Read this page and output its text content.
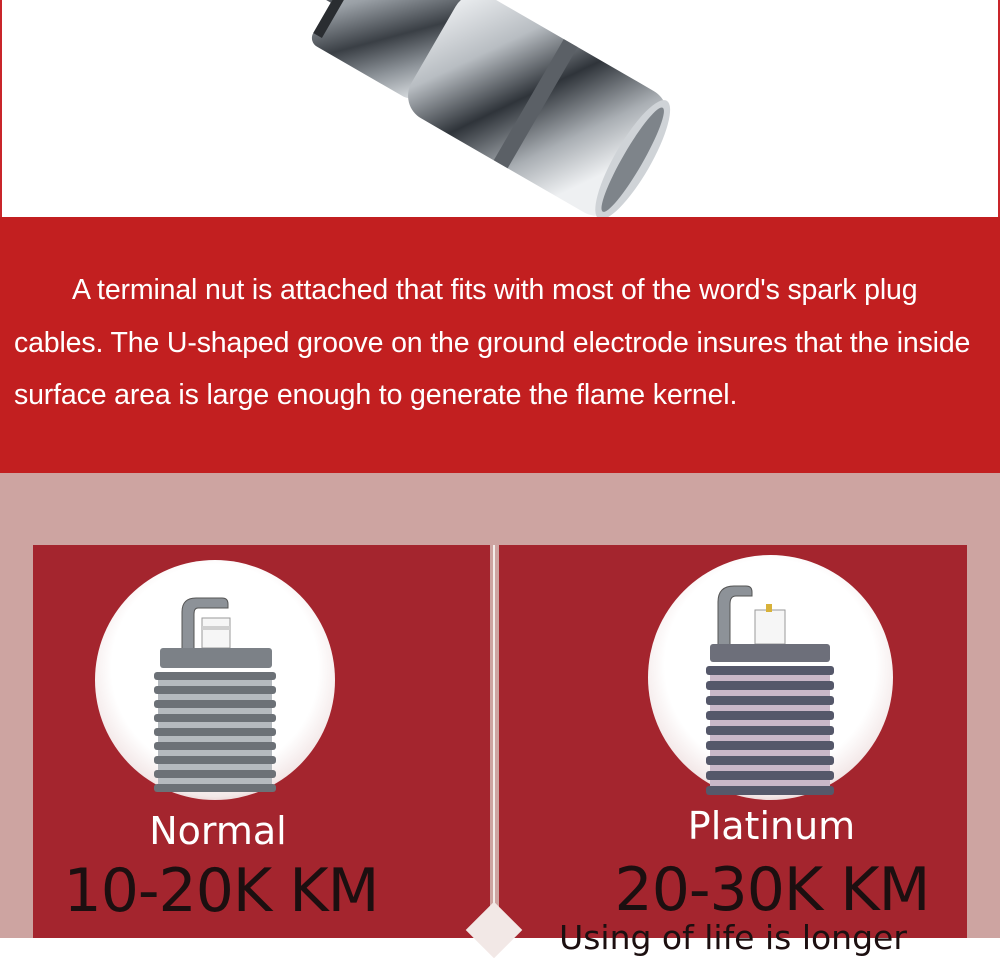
A terminal nut is attached that fits with most of the word's spark plug cables. The U-shaped groove on the ground electrode insures that the inside surface area is large enough to generate the flame kernel.

Normal
10-20K KM
Platinum
20-30K KM
Using of life is longer
